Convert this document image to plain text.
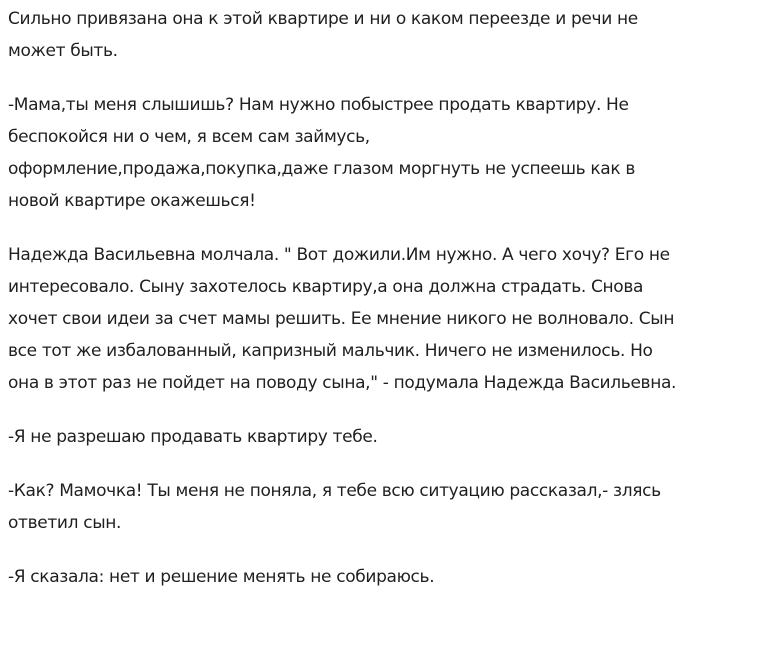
Сильно привязана она к этой квартире и ни о каком переезде и речи не
может быть.

-Мама,ты меня слышишь? Нам нужно побыстрее продать квартиру. Не
беспокойся ни о чем, я всем сам займусь,
оформление,продажа,покупка,даже глазом моргнуть не успеешь как в
новой квартире окажешься!

Надежда Васильевна молчала. " Вот дожили.Им нужно. А чего хочу? Его не
интересовало. Сыну захотелось квартиру,а она должна страдать. Снова
хочет свои идеи за счет мамы решить. Ее мнение никого не волновало. Сын
все тот же избалованный, капризный мальчик. Ничего не изменилось. Но
она в этот раз не пойдет на поводу сына," - подумала Надежда Васильевна.

-Я не разрешаю продавать квартиру тебе.

-Как? Мамочка! Ты меня не поняла, я тебе всю ситуацию рассказал,- злясь
ответил сын.

-Я сказала: нет и решение менять не собираюсь.
